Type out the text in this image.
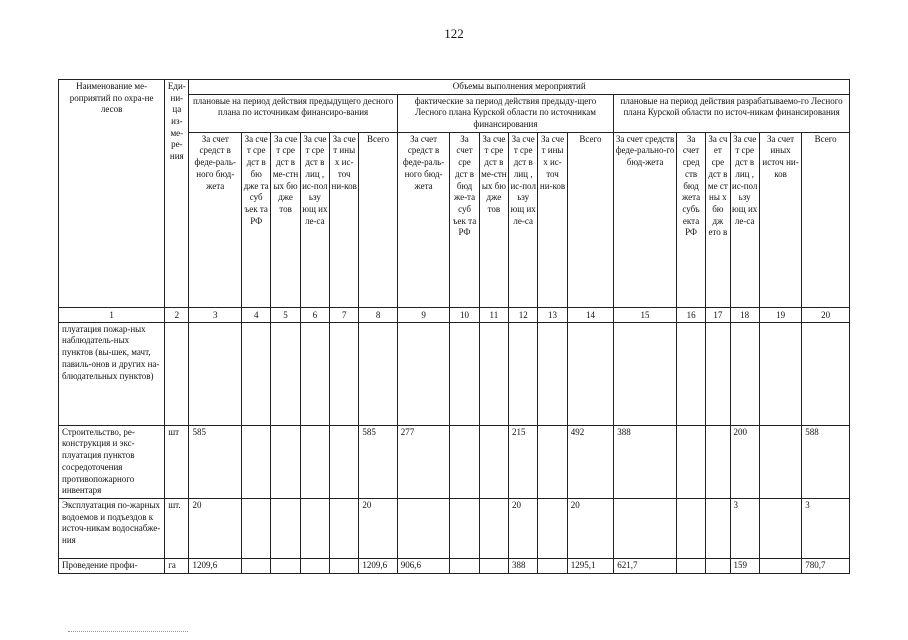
122
Наименование ме-роприятий по охра-не лесов	Еди-ни-ца из-ме-ре-ния	Объемы выполнения мероприятий																	
		плановые на период действия предыдущего десного плана по источникам финансиро-вания						фактические за период действия предыду-щего Лесного плана Курской области по источникам финансирования						плановые на период действия разрабатываемо-го Лесного плана Курской области по источ-никам финансирования					
		За счет средст в феде-раль-ного бюд-жета	За сче т сре дст в бю дже та суб ъек та РФ	За сче т сре дст в ме-стн ых бю дже тов	За сче т сре дст в лиц , ис-пол ьзу ющ их ле-са	За сче т ины х ис-точ ни-ков	Всего	За счет средст в феде-раль-ного бюд-жета	За счет сре дст в бюд же-та суб ъек та РФ	За сче т сре дст в ме-стн ых бю дже тов	За сче т сре дст в лиц , ис-пол ьзу ющ их ле-са	За сче т ины х ис-точ ни-ков	Всего	За счет средств феде-рально-го бюд-жета	За счет сред ств бюд жета субъ екта РФ	За сч ет сре дст в ме ст ны х бю дж ето в	За сче т сре дст в лиц , ис-пол ьзу ющ их ле-са	За счет иных источ ни-ков	Всего
1	2	3	4	5	6	7	8	9	10	11	12	13	14	15	16	17	18	19	20
плуатация пожар-ных наблюдатель-ных пунктов (вы-шек, мачт, павиль-онов и других на-блюдательных пунктов)																			
Строительство, ре-конструкция и экс-плуатация пунктов сосредоточения противопожарного инвентаря	шт	585					585	277			215		492	388			200		588
Эксплуатация по-жарных водоемов и подъездов к источ-никам водоснабже-ния	шт.	20					20				20		20				3		3
Проведение профи-	га	1209,6					1209,6	906,6			388		1295,1	621,7			159		780,7
